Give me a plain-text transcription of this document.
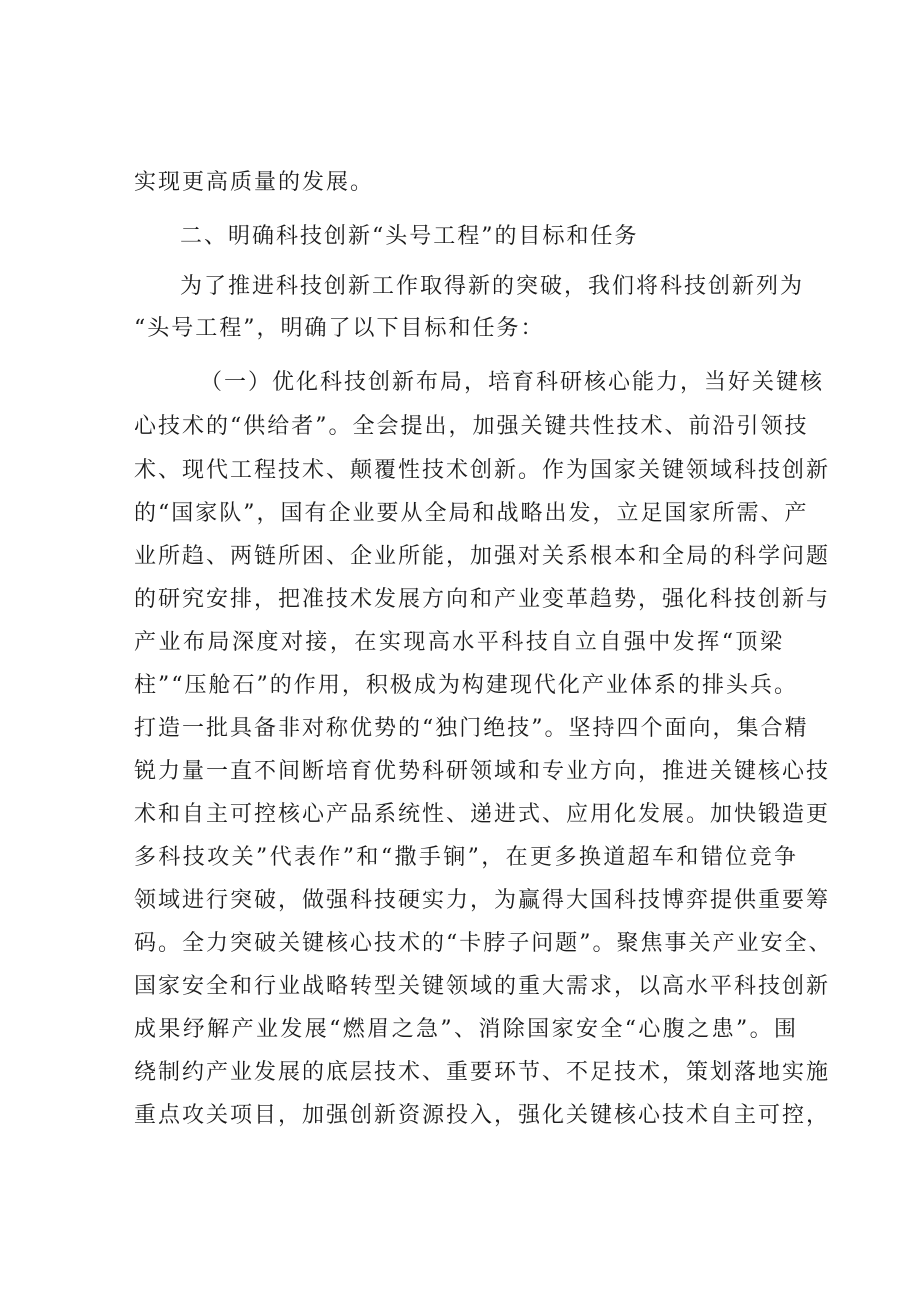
实现更高质量的发展。
二、明确科技创新“头号工程”的目标和任务
为了推进科技创新工作取得新的突破，我们将科技创新列为
“头号工程”，明确了以下目标和任务：
（一）优化科技创新布局，培育科研核心能力，当好关键核
心技术的“供给者”。全会提出，加强关键共性技术、前沿引领技
术、现代工程技术、颠覆性技术创新。作为国家关键领域科技创新
的“国家队”，国有企业要从全局和战略出发，立足国家所需、产
业所趋、两链所困、企业所能，加强对关系根本和全局的科学问题
的研究安排，把准技术发展方向和产业变革趋势，强化科技创新与
产业布局深度对接，在实现高水平科技自立自强中发挥“顶梁
柱”“压舱石”的作用，积极成为构建现代化产业体系的排头兵。
打造一批具备非对称优势的“独门绝技”。坚持四个面向，集合精
锐力量一直不间断培育优势科研领域和专业方向，推进关键核心技
术和自主可控核心产品系统性、递进式、应用化发展。加快锻造更
多科技攻关”代表作”和“撒手锏”，在更多换道超车和错位竞争
领域进行突破，做强科技硬实力，为赢得大国科技博弈提供重要筹
码。全力突破关键核心技术的“卡脖子问题”。聚焦事关产业安全、
国家安全和行业战略转型关键领域的重大需求，以高水平科技创新
成果纾解产业发展“燃眉之急”、消除国家安全“心腹之患”。围
绕制约产业发展的底层技术、重要环节、不足技术，策划落地实施
重点攻关项目，加强创新资源投入，强化关键核心技术自主可控，
